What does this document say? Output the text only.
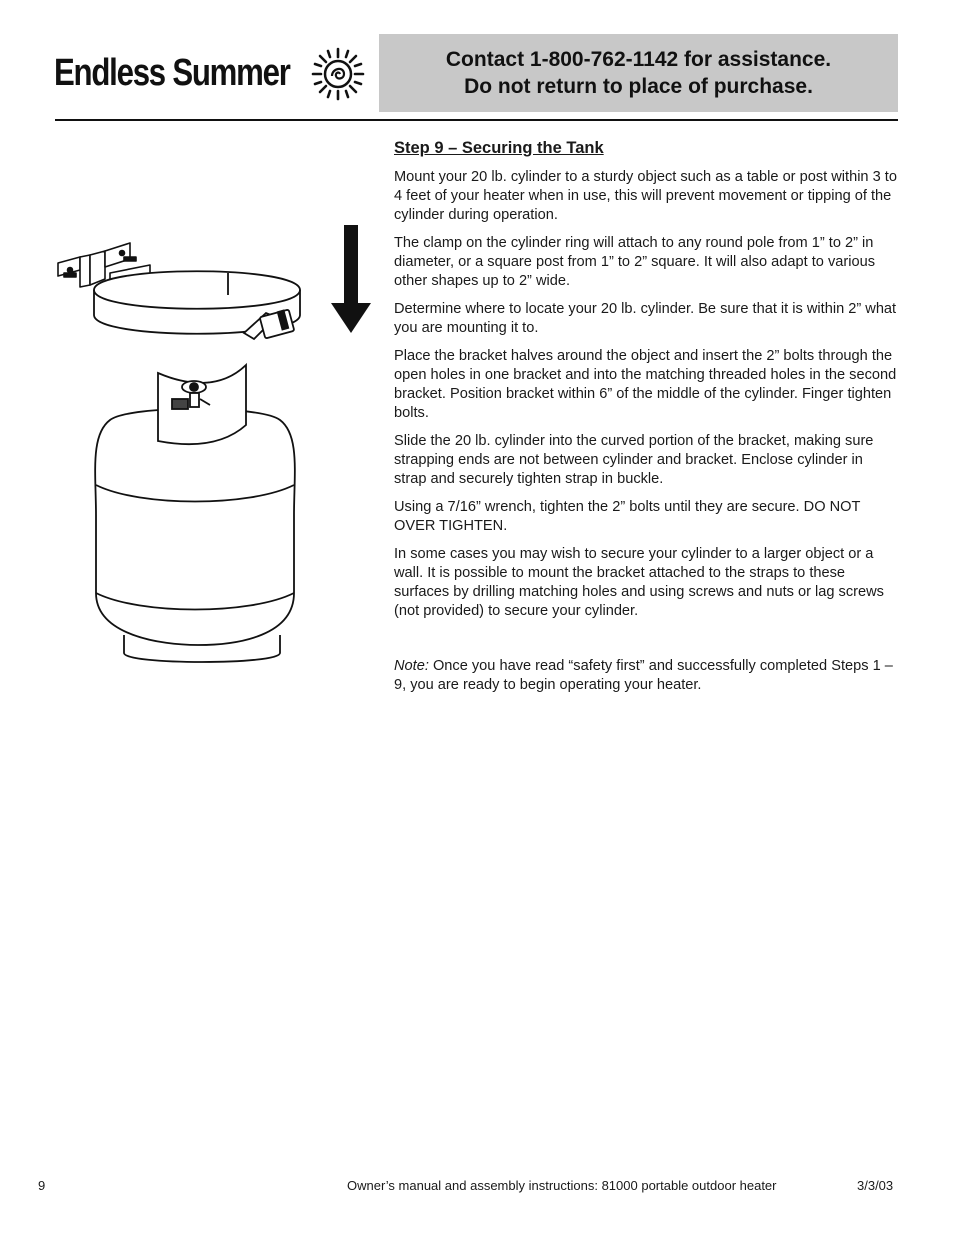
Endless Summer	Contact 1-800-762-1142 for assistance.
Do not return to place of purchase.
Step 9 – Securing the Tank

Mount your 20 lb. cylinder to a sturdy object such as a table or post within 3 to 4 feet of your heater when in use, this will prevent movement or tipping of the cylinder during operation.

The clamp on the cylinder ring will attach to any round pole from 1” to 2” in diameter, or a square post from 1” to 2” square. It will also adapt to various other shapes up to 2” wide.

Determine where to locate your 20 lb. cylinder. Be sure that it is within 2” what you are mounting it to.

Place the bracket halves around the object and insert the 2” bolts through the open holes in one bracket and into the matching threaded holes in the second bracket. Position bracket within 6” of the middle of the cylinder. Finger tighten bolts.

Slide the 20 lb. cylinder into the curved portion of the bracket, making sure strapping ends are not between cylinder and bracket. Enclose cylinder in strap and securely tighten strap in buckle.

Using a 7/16” wrench, tighten the 2” bolts until they are secure. DO NOT OVER TIGHTEN.

In some cases you may wish to secure your cylinder to a larger object or a wall. It is possible to mount the bracket attached to the straps to these surfaces by drilling matching holes and using screws and nuts or lag screws (not provided) to secure your cylinder.

Note: Once you have read “safety first” and successfully completed Steps 1 – 9, you are ready to begin operating your heater.

9	Owner’s manual and assembly instructions: 81000 portable outdoor heater	3/3/03
